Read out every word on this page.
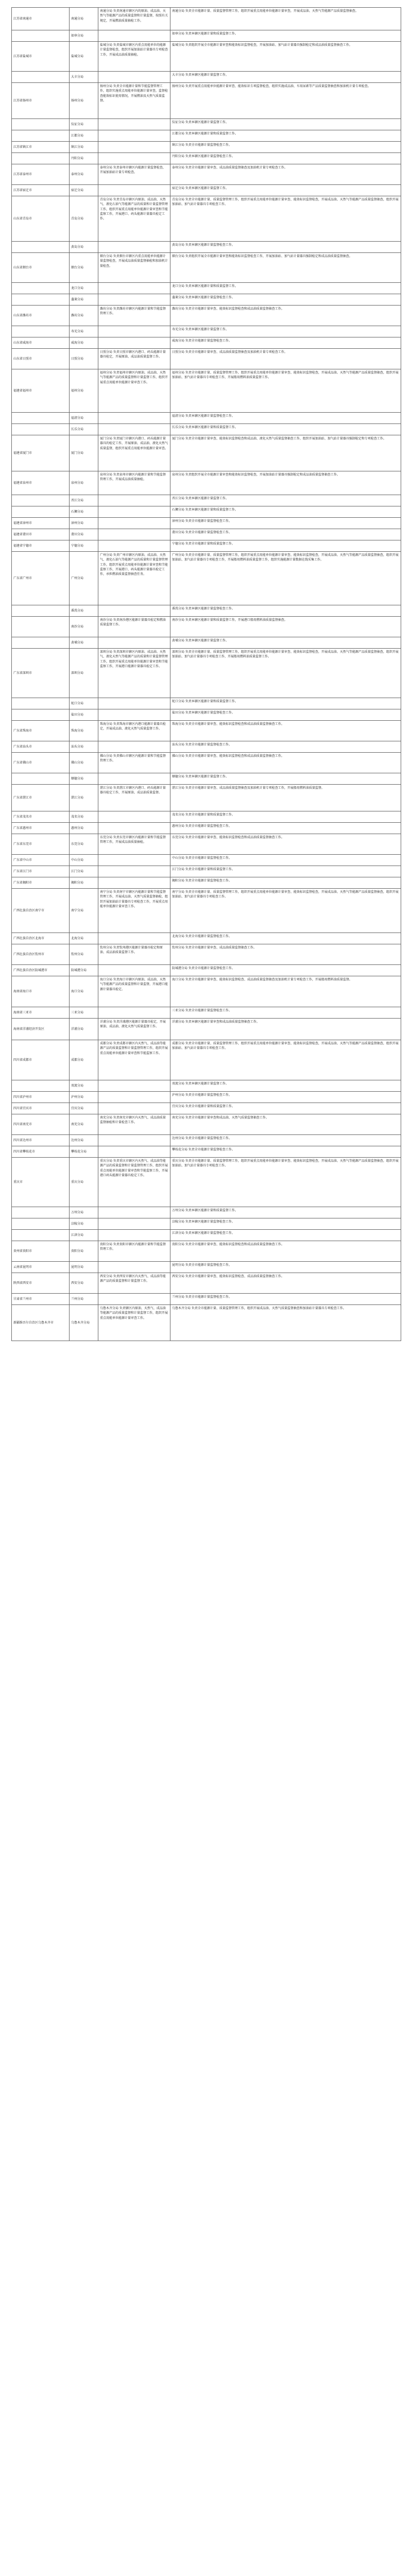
江苏省南通市	南通分局	南通分局 负责南通市辖区内的原油、成品油、天然气等能源产品的质量监督和计量监督，按照有关规定，开展燃油质量抽检工作。	南通分局 负责全市能源计量、质量监督管理工作，组织开展重点用能单位能源计量审查，开展成品油、天然气等能源产品质量监督抽查。

	如皋分局		如皋分局 负责本辖区能源计量和质量监督工作。

江苏省盐城市	盐城分局	盐城分局 负责盐城市辖区内重点用能单位的能源计量监督检查，组织开展加油站计量器具专项检查工作，开展成品油质量抽检。	盐城分局 负责组织开展全市能源计量审查和能效标识监督检查，开展加油站、加气站计量器具强制检定和成品油质量监督抽查工作。

	大丰分局		大丰分局 负责本辖区能源计量监督工作。

江苏省扬州市	扬州分局	扬州分局 负责全市能源计量和节能监督管理工作，组织实施重点用能单位能源计量审查，监督检查能效标识使用情况，开展燃油及天然气质量监督。	扬州分局 负责开展重点用能单位能源计量审查、能效标识专项监督检查，组织实施成品油、车用尿素等产品质量监督抽查和加油机计量专项检查。

	仪征分局		仪征分局 负责本辖区能源计量监督工作。

	江都分局		江都分局 负责本辖区能源计量和质量监督工作。

江苏省镇江市	镇江分局		镇江分局 负责全市能源计量监督检查工作。

	丹阳分局		丹阳分局 负责本辖区能源计量监督检查工作。

江苏省泰州市	泰州分局	泰州分局 负责泰州市辖区内能源计量监督检查，开展加油站计量专项检查。	泰州分局 负责全市能源计量审查、成品油质量监督抽查及加油机计量专项检查工作。

江苏省宿迁市	宿迁分局		宿迁分局 负责本辖区能源计量监督工作。

山东省青岛市	青岛分局	青岛分局 负责青岛市辖区内原油、成品油、天然气、液化石油气等能源产品的质量和计量监督管理工作，组织开展重点用能单位能源计量审查和节能监察工作，开展港口、码头能源计量器具检定工作。	青岛分局 负责全市能源计量、质量监督管理工作，组织开展重点用能单位能源计量审查、能效标识监督检查，开展成品油、天然气等能源产品质量监督抽查，组织开展加油站、加气站计量器具专项检查工作。

	黄岛分局		黄岛分局 负责本辖区能源计量监督检查工作。

山东省烟台市	烟台分局	烟台分局 负责烟台市辖区内重点用能单位能源计量监督检查，开展成品油质量监督抽检和加油机计量检查。	烟台分局 负责组织开展全市能源计量审查和能效标识监督检查工作，开展加油站、加气站计量器具强制检定和成品油质量监督抽查。

	龙口分局		龙口分局 负责本辖区能源计量和质量监督工作。

	蓬莱分局		蓬莱分局 负责本辖区能源计量监督检查工作。

山东省潍坊市	潍坊分局	潍坊分局 负责潍坊市辖区内能源计量和节能监督管理工作。	潍坊分局 负责全市能源计量审查、能效标识监督检查和成品油质量监督抽查工作。

	寿光分局		寿光分局 负责本辖区能源计量监督工作。

山东省威海市	威海分局		威海分局 负责全市能源计量监督检查工作。

山东省日照市	日照分局	日照分局 负责日照市辖区内港口、码头能源计量器具检定，开展原油、成品油质量监督工作。	日照分局 负责全市能源计量审查、成品油质量监督抽查及加油机计量专项检查工作。

福建省福州市	福州分局	福州分局 负责福州市辖区内原油、成品油、天然气等能源产品的质量监督和计量监督工作，组织开展重点用能单位能源计量审查工作。	福州分局 负责全市能源计量、质量监督管理工作，组织开展重点用能单位能源计量审查、能效标识监督检查，开展成品油、天然气等能源产品质量监督抽查，组织开展加油站、加气站计量器具专项检查工作，开展船用燃料油质量监督工作。

	福清分局		福清分局 负责本辖区能源计量监督检查工作。

	长乐分局		长乐分局 负责本辖区能源计量和质量监督工作。

福建省厦门市	厦门分局	厦门分局 负责厦门市辖区内港口、码头能源计量器具的检定工作，开展原油、成品油、液化天然气质量监督，组织开展重点用能单位能源计量审查。	厦门分局 负责全市能源计量审查、能效标识监督检查和成品油、液化天然气质量监督抽查工作，组织开展加油站、加气站计量器具强制检定和专项检查工作。

福建省泉州市	泉州分局	泉州分局 负责泉州市辖区内能源计量和节能监督管理工作，开展成品油质量抽检。	泉州分局 负责组织开展全市能源计量审查和能效标识监督检查，开展加油站计量器具强制检定和成品油质量监督抽查工作。

	晋江分局		晋江分局 负责本辖区能源计量监督工作。

	石狮分局		石狮分局 负责本辖区能源计量和质量监督工作。

福建省漳州市	漳州分局		漳州分局 负责全市能源计量监督检查工作。

福建省莆田市	莆田分局		莆田分局 负责全市能源计量监督检查工作。

福建省宁德市	宁德分局		宁德分局 负责全市能源计量和质量监督工作。

广东省广州市	广州分局	广州分局 负责广州市辖区内原油、成品油、天然气、液化石油气等能源产品的质量和计量监督管理工作，组织开展重点用能单位能源计量审查和节能监察工作，开展港口、码头能源计量器具检定工作，承担燃油质量监督抽查任务。	广州分局 负责全市能源计量、质量监督管理工作，组织开展重点用能单位能源计量审查、能效标识监督检查，开展成品油、天然气等能源产品质量监督抽查，组织开展加油站、加气站计量器具专项检查工作，开展船用燃料油质量监督工作，组织实施能源计量数据在线采集工作。

	番禺分局		番禺分局 负责本辖区能源计量监督检查工作。

	南沙分局	南沙分局 负责南沙港区能源计量器具检定和燃油质量监督工作。	南沙分局 负责本辖区能源计量和质量监督工作，开展港口船用燃料油质量监督抽查。

	黄埔分局		黄埔分局 负责本辖区能源计量监督工作。

广东省深圳市	深圳分局	深圳分局 负责深圳市辖区内原油、成品油、天然气、液化天然气等能源产品的质量和计量监督管理工作，组织开展重点用能单位能源计量审查和节能监察工作，开展港口能源计量器具检定工作。	深圳分局 负责全市能源计量、质量监督管理工作，组织开展重点用能单位能源计量审查、能效标识监督检查，开展成品油、天然气等能源产品质量监督抽查，组织开展加油站、加气站计量器具专项检查工作，开展船用燃料油质量监督工作。

	蛇口分局		蛇口分局 负责本辖区能源计量和质量监督工作。

	盐田分局		盐田分局 负责本辖区能源计量监督检查工作。

广东省珠海市	珠海分局	珠海分局 负责珠海市辖区内港口能源计量器具检定，开展成品油、液化天然气质量监督工作。	珠海分局 负责全市能源计量审查、能效标识监督检查和成品油质量监督抽查工作。

广东省汕头市	汕头分局		汕头分局 负责全市能源计量监督检查工作。

广东省佛山市	佛山分局	佛山分局 负责佛山市辖区内能源计量和节能监督管理工作。	佛山分局 负责全市能源计量审查、能效标识监督检查和成品油质量监督抽查工作。

	顺德分局		顺德分局 负责本辖区能源计量监督工作。

广东省湛江市	湛江分局	湛江分局 负责湛江市辖区内港口、码头能源计量器具检定工作，开展原油、成品油质量监督。	湛江分局 负责全市能源计量审查、成品油质量监督抽查及加油机计量专项检查工作，开展船用燃料油质量监督。

广东省茂名市	茂名分局		茂名分局 负责全市能源计量和质量监督工作。

广东省惠州市	惠州分局		惠州分局 负责全市能源计量监督检查工作。

广东省东莞市	东莞分局	东莞分局 负责东莞市辖区内能源计量和节能监督管理工作，开展成品油质量抽检。	东莞分局 负责全市能源计量审查、能效标识监督检查和成品油质量监督抽查工作。

广东省中山市	中山分局		中山分局 负责全市能源计量监督检查工作。

广东省江门市	江门分局		江门分局 负责全市能源计量和质量监督工作。

广东省揭阳市	揭阳分局		揭阳分局 负责全市能源计量监督检查工作。

广西壮族自治区南宁市	南宁分局	南宁分局 负责南宁市辖区内能源计量和节能监督管理工作，开展成品油、天然气质量监督抽检，组织开展加油站计量器具专项检查工作，开展重点用能单位能源计量审查工作。	南宁分局 负责全市能源计量、质量监督管理工作，组织开展重点用能单位能源计量审查、能效标识监督检查，开展成品油、天然气等能源产品质量监督抽查，组织开展加油站、加气站计量器具专项检查工作。

广西壮族自治区北海市	北海分局		北海分局 负责全市能源计量监督检查工作。

广西壮族自治区钦州市	钦州分局	钦州分局 负责钦州港区能源计量器具检定和原油、成品油质量监督工作。	钦州分局 负责全市能源计量审查、成品油质量监督抽查工作。

广西壮族自治区防城港市	防城港分局		防城港分局 负责全市能源计量监督检查工作。

海南省海口市	海口分局	海口分局 负责海口市辖区内原油、成品油、天然气等能源产品的质量监督和计量监督，开展港口能源计量器具检定。	海口分局 负责全市能源计量审查、能效标识监督检查、成品油质量监督抽查及加油机计量专项检查工作，开展船用燃料油质量监督。

海南省三亚市	三亚分局		三亚分局 负责全市能源计量监督检查工作。

海南省洋浦经济开发区	洋浦分局	洋浦分局 负责洋浦港区能源计量器具检定，开展原油、成品油、液化天然气质量监督工作。	洋浦分局 负责本辖区能源计量审查和成品油质量监督抽查工作。

四川省成都市	成都分局	成都分局 负责成都市辖区内天然气、成品油等能源产品的质量监督和计量监督管理工作，组织开展重点用能单位能源计量审查和节能监察工作。	成都分局 负责全市能源计量、质量监督管理工作，组织开展重点用能单位能源计量审查、能效标识监督检查，开展成品油、天然气等能源产品质量监督抽查，组织开展加油站、加气站计量器具专项检查工作。

	双流分局		双流分局 负责本辖区能源计量监督工作。

四川省泸州市	泸州分局		泸州分局 负责全市能源计量监督检查工作。

四川省宜宾市	宜宾分局		宜宾分局 负责全市能源计量和质量监督工作。

四川省南充市	南充分局	南充分局 负责南充市辖区内天然气、成品油质量监督抽检和计量检查工作。	南充分局 负责全市能源计量审查和成品油、天然气质量监督抽查工作。

四川省达州市	达州分局		达州分局 负责全市能源计量监督检查工作。

四川省攀枝花市	攀枝花分局		攀枝花分局 负责全市能源计量监督检查工作。

重庆市	重庆分局	重庆分局 负责重庆市辖区内天然气、成品油等能源产品的质量监督和计量监督管理工作，组织开展重点用能单位能源计量审查和节能监察工作，开展港口码头能源计量器具检定工作。	重庆分局 负责全市能源计量、质量监督管理工作，组织开展重点用能单位能源计量审查、能效标识监督检查，开展成品油、天然气等能源产品质量监督抽查，组织开展加油站、加气站计量器具专项检查工作。

	万州分局		万州分局 负责本辖区能源计量和质量监督工作。

	涪陵分局		涪陵分局 负责本辖区能源计量监督检查工作。

	江津分局		江津分局 负责本辖区能源计量监督检查工作。

贵州省贵阳市	贵阳分局	贵阳分局 负责贵阳市辖区内能源计量和节能监督管理工作。	贵阳分局 负责全市能源计量审查、能效标识监督检查和成品油质量监督抽查工作。

云南省昆明市	昆明分局		昆明分局 负责全市能源计量监督检查工作。

陕西省西安市	西安分局	西安分局 负责西安市辖区内天然气、成品油等能源产品的质量监督和计量监督工作。	西安分局 负责全市能源计量审查、能效标识监督检查、成品油质量监督抽查工作。

甘肃省兰州市	兰州分局		兰州分局 负责全市能源计量监督检查工作。

新疆维吾尔自治区乌鲁木齐市	乌鲁木齐分局	乌鲁木齐分局 负责辖区内原油、天然气、成品油等能源产品的质量监督和计量监督工作，组织开展重点用能单位能源计量审查工作。	乌鲁木齐分局 负责全市能源计量、质量监督管理工作，组织开展成品油、天然气质量监督抽查和加油站计量器具专项检查工作。
